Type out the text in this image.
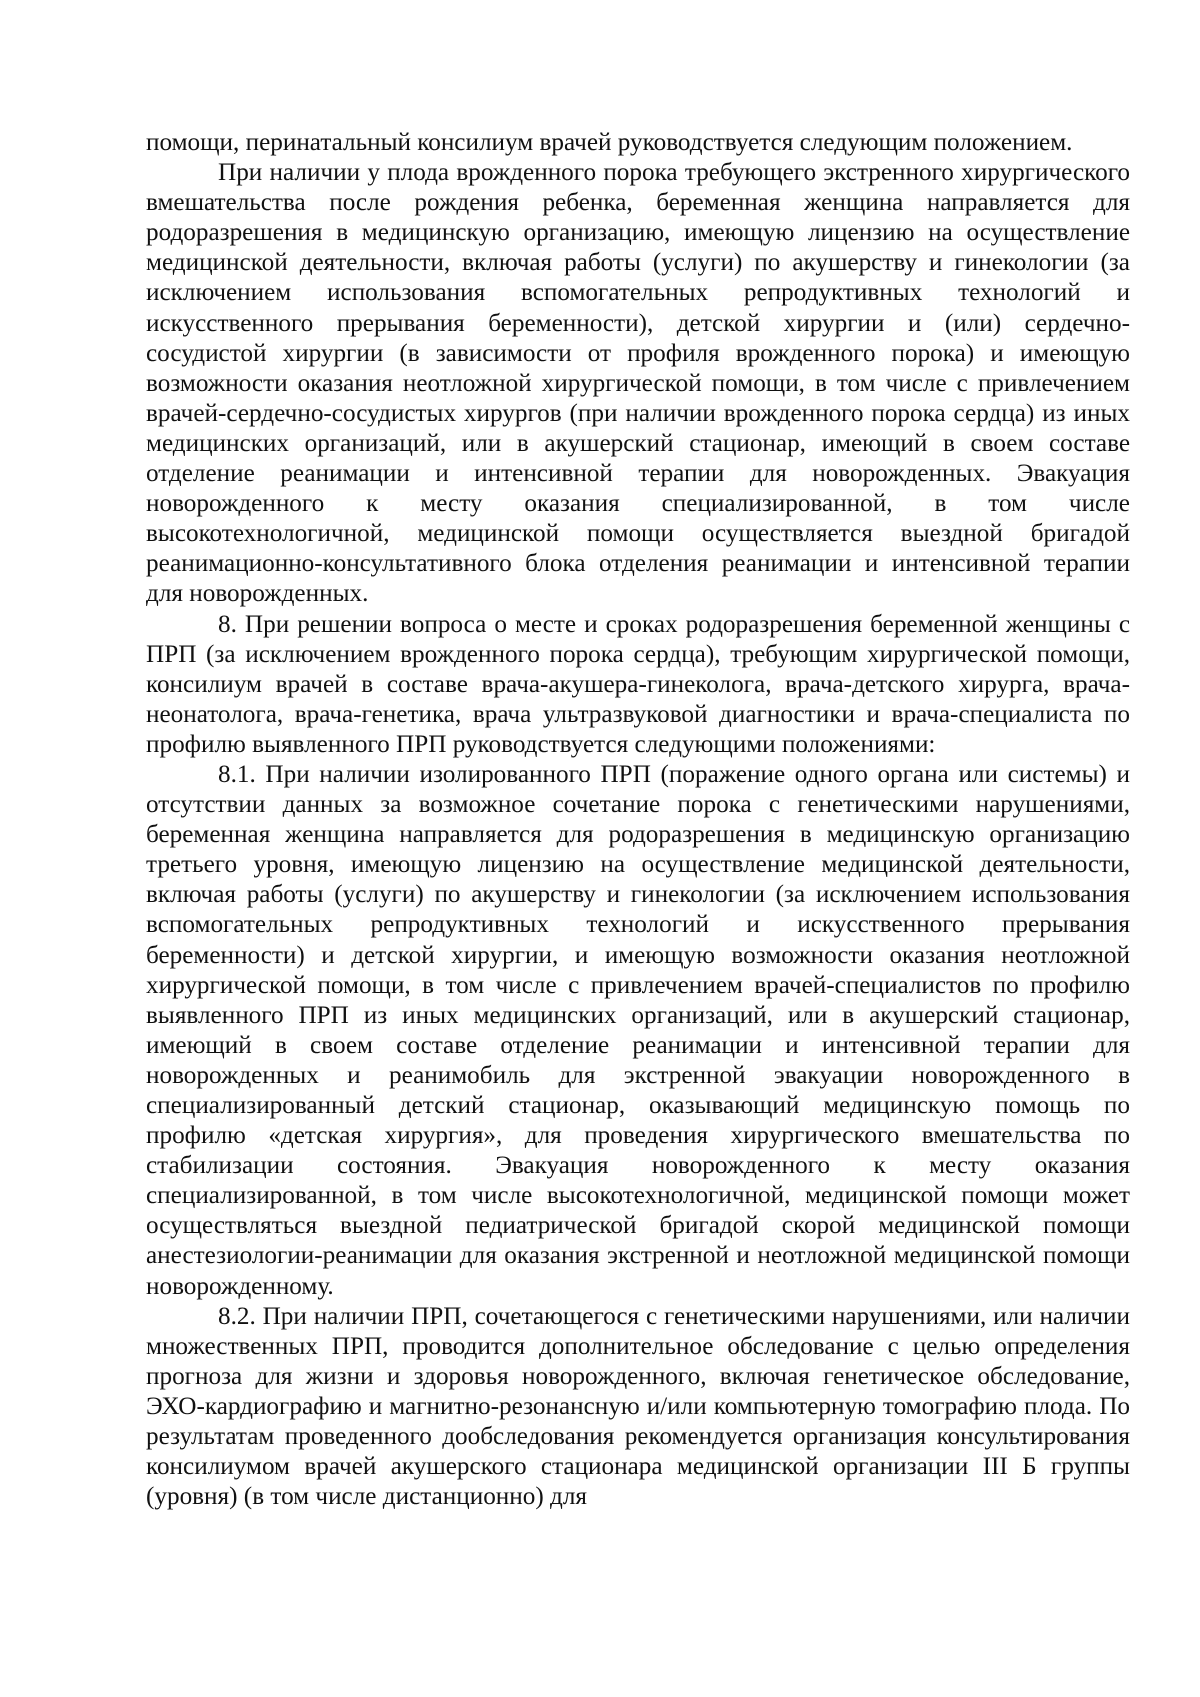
помощи, перинатальный консилиум врачей руководствуется следующим положением.

При наличии у плода врожденного порока требующего экстренного хирургического вмешательства после рождения ребенка, беременная женщина направляется для родоразрешения в медицинскую организацию, имеющую лицензию на осуществление медицинской деятельности, включая работы (услуги) по акушерству и гинекологии (за исключением использования вспомогательных репродуктивных технологий и искусственного прерывания беременности), детской хирургии и (или) сердечно-сосудистой хирургии (в зависимости от профиля врожденного порока) и имеющую возможности оказания неотложной хирургической помощи, в том числе с привлечением врачей-сердечно-сосудистых хирургов (при наличии врожденного порока сердца) из иных медицинских организаций, или в акушерский стационар, имеющий в своем составе отделение реанимации и интенсивной терапии для новорожденных. Эвакуация новорожденного к месту оказания специализированной, в том числе высокотехнологичной, медицинской помощи осуществляется выездной бригадой реанимационно-консультативного блока отделения реанимации и интенсивной терапии для новорожденных.

8. При решении вопроса о месте и сроках родоразрешения беременной женщины с ПРП (за исключением врожденного порока сердца), требующим хирургической помощи, консилиум врачей в составе врача-акушера-гинеколога, врача-детского хирурга, врача-неонатолога, врача-генетика, врача ультразвуковой диагностики и врача-специалиста по профилю выявленного ПРП руководствуется следующими положениями:

8.1. При наличии изолированного ПРП (поражение одного органа или системы) и отсутствии данных за возможное сочетание порока с генетическими нарушениями, беременная женщина направляется для родоразрешения в медицинскую организацию третьего уровня, имеющую лицензию на осуществление медицинской деятельности, включая работы (услуги) по акушерству и гинекологии (за исключением использования вспомогательных репродуктивных технологий и искусственного прерывания беременности) и детской хирургии, и имеющую возможности оказания неотложной хирургической помощи, в том числе с привлечением врачей-специалистов по профилю выявленного ПРП из иных медицинских организаций, или в акушерский стационар, имеющий в своем составе отделение реанимации и интенсивной терапии для новорожденных и реанимобиль для экстренной эвакуации новорожденного в специализированный детский стационар, оказывающий медицинскую помощь по профилю «детская хирургия», для проведения хирургического вмешательства по стабилизации состояния. Эвакуация новорожденного к месту оказания специализированной, в том числе высокотехнологичной, медицинской помощи может осуществляться выездной педиатрической бригадой скорой медицинской помощи анестезиологии-реанимации для оказания экстренной и неотложной медицинской помощи новорожденному.

8.2. При наличии ПРП, сочетающегося с генетическими нарушениями, или наличии множественных ПРП, проводится дополнительное обследование с целью определения прогноза для жизни и здоровья новорожденного, включая генетическое обследование, ЭХО-кардиографию и магнитно-резонансную и/или компьютерную томографию плода. По результатам проведенного дообследования рекомендуется организация консультирования консилиумом врачей акушерского стационара медицинской организации III Б группы (уровня) (в том числе дистанционно) для
